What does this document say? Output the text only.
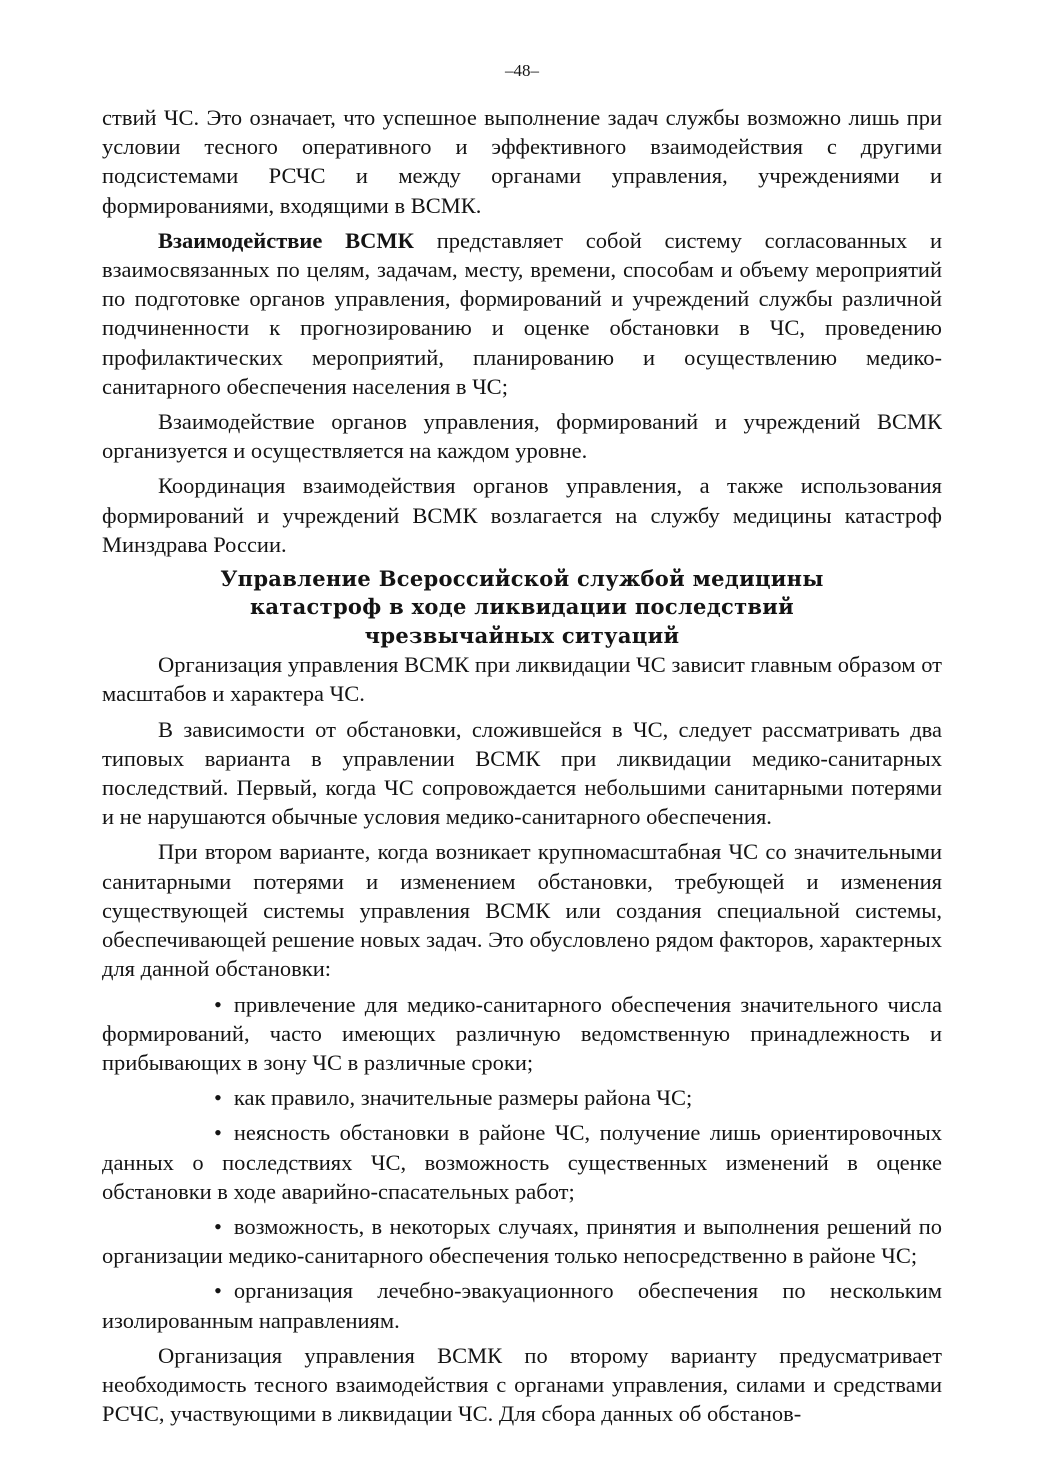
–48–

ствий ЧС. Это означает, что успешное выполнение задач службы возможно лишь при условии тесного оперативного и эффективного взаимодействия с другими подсистемами РСЧС и между органами управления, учреждениями и формированиями, входящими в ВСМК.

Взаимодействие ВСМК представляет собой систему согласованных и взаимосвязанных по целям, задачам, месту, времени, способам и объему мероприятий по подготовке органов управления, формирований и учреждений службы различной подчиненности к прогнозированию и оценке обстановки в ЧС, проведению профилактических мероприятий, планированию и осуществлению медико-санитарного обеспечения населения в ЧС;

Взаимодействие органов управления, формирований и учреждений ВСМК организуется и осуществляется на каждом уровне.

Координация взаимодействия органов управления, а также использования формирований и учреждений ВСМК возлагается на службу медицины катастроф Минздрава России.

Управление Всероссийской службой медицины катастроф в ходе ликвидации последствий чрезвычайных ситуаций

Организация управления ВСМК при ликвидации ЧС зависит главным образом от масштабов и характера ЧС.

В зависимости от обстановки, сложившейся в ЧС, следует рассматривать два типовых варианта в управлении ВСМК при ликвидации медико-санитарных последствий. Первый, когда ЧС сопровождается небольшими санитарными потерями и не нарушаются обычные условия медико-санитарного обеспечения.

При втором варианте, когда возникает крупномасштабная ЧС со значительными санитарными потерями и изменением обстановки, требующей и изменения существующей системы управления ВСМК или создания специальной системы, обеспечивающей решение новых задач. Это обусловлено рядом факторов, характерных для данной обстановки:

• привлечение для медико-санитарного обеспечения значительного числа формирований, часто имеющих различную ведомственную принадлежность и прибывающих в зону ЧС в различные сроки;

• как правило, значительные размеры района ЧС;

• неясность обстановки в районе ЧС, получение лишь ориентировочных данных о последствиях ЧС, возможность существенных изменений в оценке обстановки в ходе аварийно-спасательных работ;

• возможность, в некоторых случаях, принятия и выполнения решений по организации медико-санитарного обеспечения только непосредственно в районе ЧС;

• организация лечебно-эвакуационного обеспечения по нескольким изолированным направлениям.

Организация управления ВСМК по второму варианту предусматривает необходимость тесного взаимодействия с органами управления, силами и средствами РСЧС, участвующими в ликвидации ЧС. Для сбора данных об обстанов-
